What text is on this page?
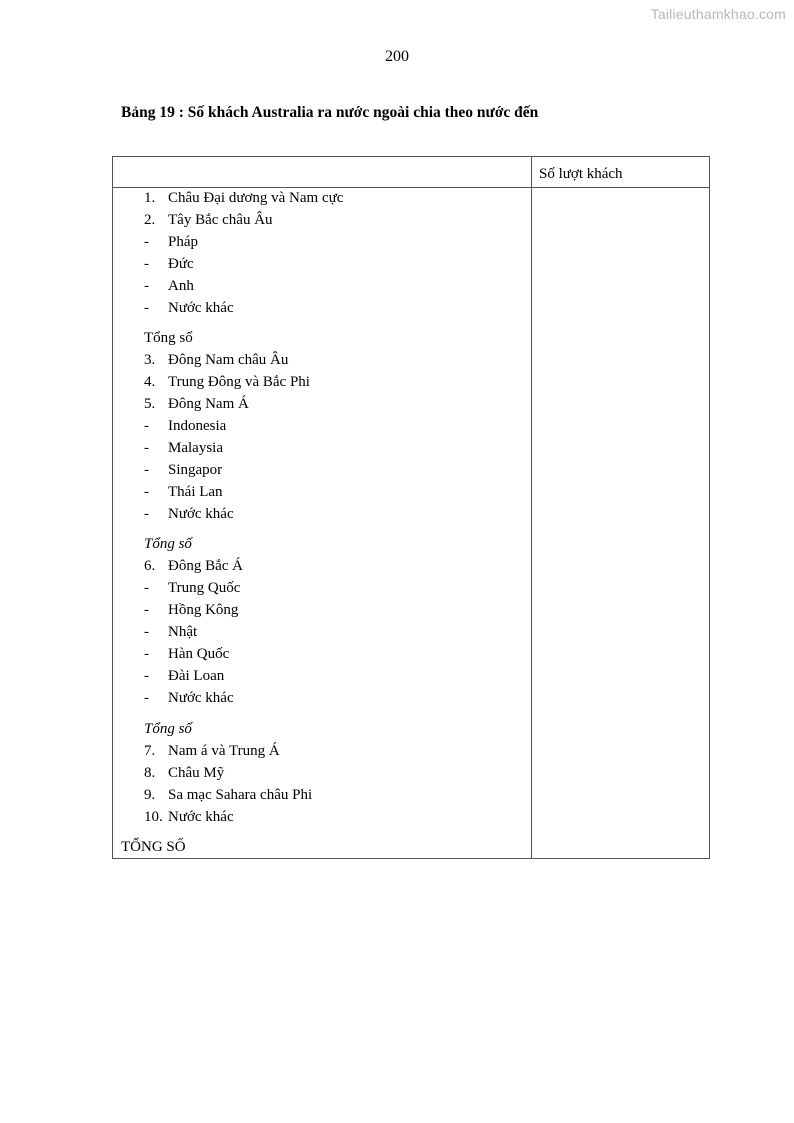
Tailieuthamkhao.com
200
Bảng 19 : Số khách Australia ra nước ngoài chia theo nước đến
Số lượt khách
1. Châu Đại dương và Nam cực
2. Tây Bắc châu Âu
-	Pháp
-	Đức
-	Anh
-	Nước khác
Tổng số
3. Đông Nam châu Âu
4. Trung Đông và Bắc Phi
5. Đông Nam Á
-	Indonesia
-	Malaysia
-	Singapor
-	Thái Lan
-	Nước khác
Tổng số
6. Đông Bắc Á
-	Trung Quốc
-	Hồng Kông
-	Nhật
-	Hàn Quốc
-	Đài Loan
-	Nước khác
Tổng số
7. Nam á và Trung Á
8. Châu Mỹ
9. Sa mạc Sahara châu Phi
10. Nước khác
TỔNG SỐ
